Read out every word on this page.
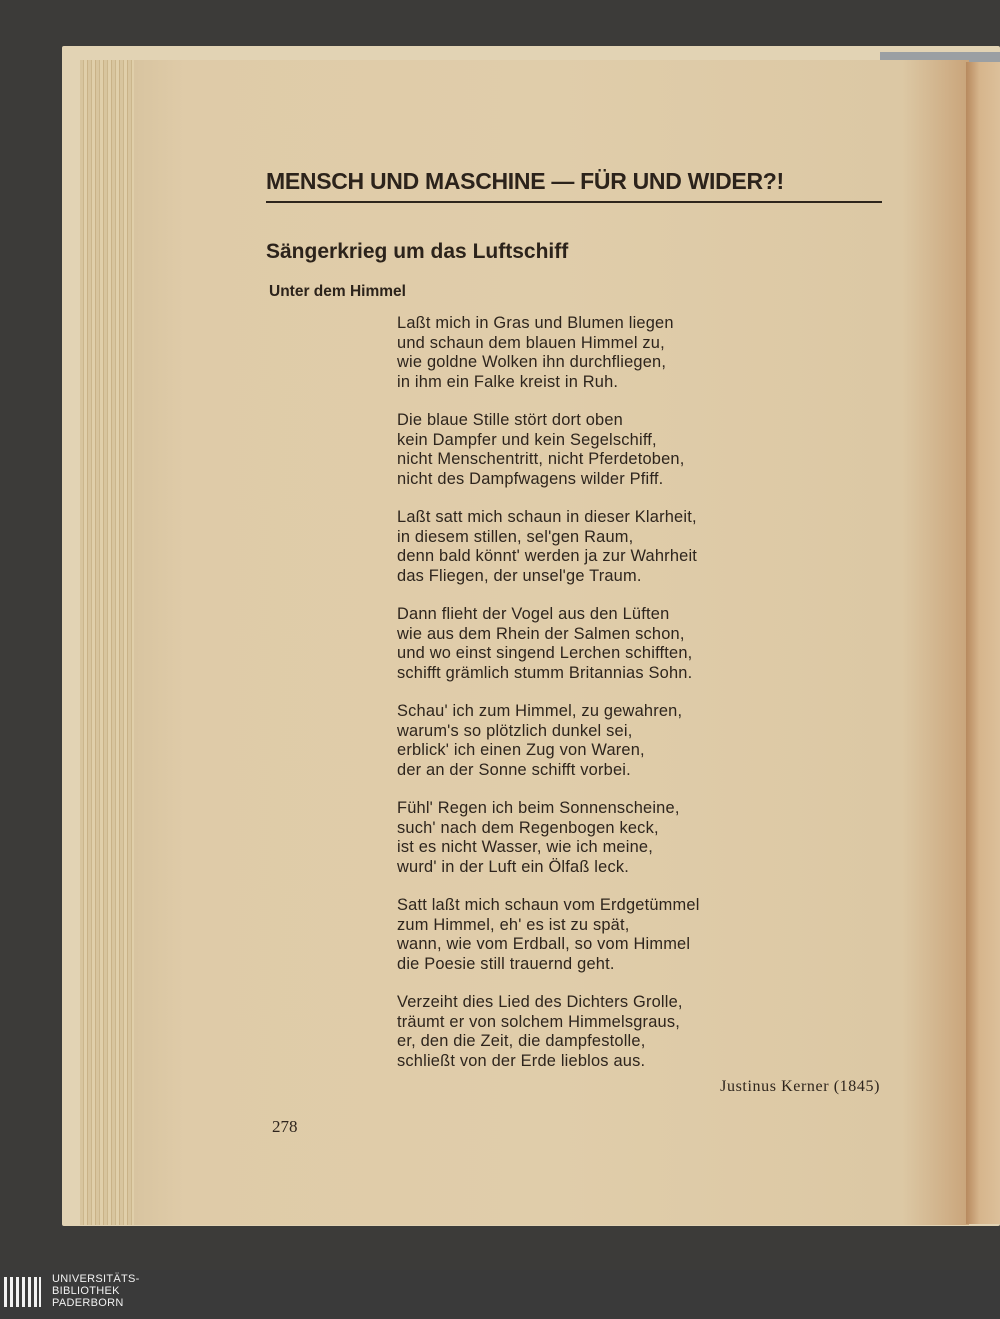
MENSCH UND MASCHINE — FÜR UND WIDER?!
Sängerkrieg um das Luftschiff
Unter dem Himmel
Laßt mich in Gras und Blumen liegen
und schaun dem blauen Himmel zu,
wie goldne Wolken ihn durchfliegen,
in ihm ein Falke kreist in Ruh.
Die blaue Stille stört dort oben
kein Dampfer und kein Segelschiff,
nicht Menschentritt, nicht Pferdetoben,
nicht des Dampfwagens wilder Pfiff.
Laßt satt mich schaun in dieser Klarheit,
in diesem stillen, sel'gen Raum,
denn bald könnt' werden ja zur Wahrheit
das Fliegen, der unsel'ge Traum.
Dann flieht der Vogel aus den Lüften
wie aus dem Rhein der Salmen schon,
und wo einst singend Lerchen schifften,
schifft grämlich stumm Britannias Sohn.
Schau' ich zum Himmel, zu gewahren,
warum's so plötzlich dunkel sei,
erblick' ich einen Zug von Waren,
der an der Sonne schifft vorbei.
Fühl' Regen ich beim Sonnenscheine,
such' nach dem Regenbogen keck,
ist es nicht Wasser, wie ich meine,
wurd' in der Luft ein Ölfaß leck.
Satt laßt mich schaun vom Erdgetümmel
zum Himmel, eh' es ist zu spät,
wann, wie vom Erdball, so vom Himmel
die Poesie still trauernd geht.
Verzeiht dies Lied des Dichters Grolle,
träumt er von solchem Himmelsgraus,
er, den die Zeit, die dampfestolle,
schließt von der Erde lieblos aus.
Justinus Kerner (1845)
278
UNIVERSITÄTS-
BIBLIOTHEK
PADERBORN
